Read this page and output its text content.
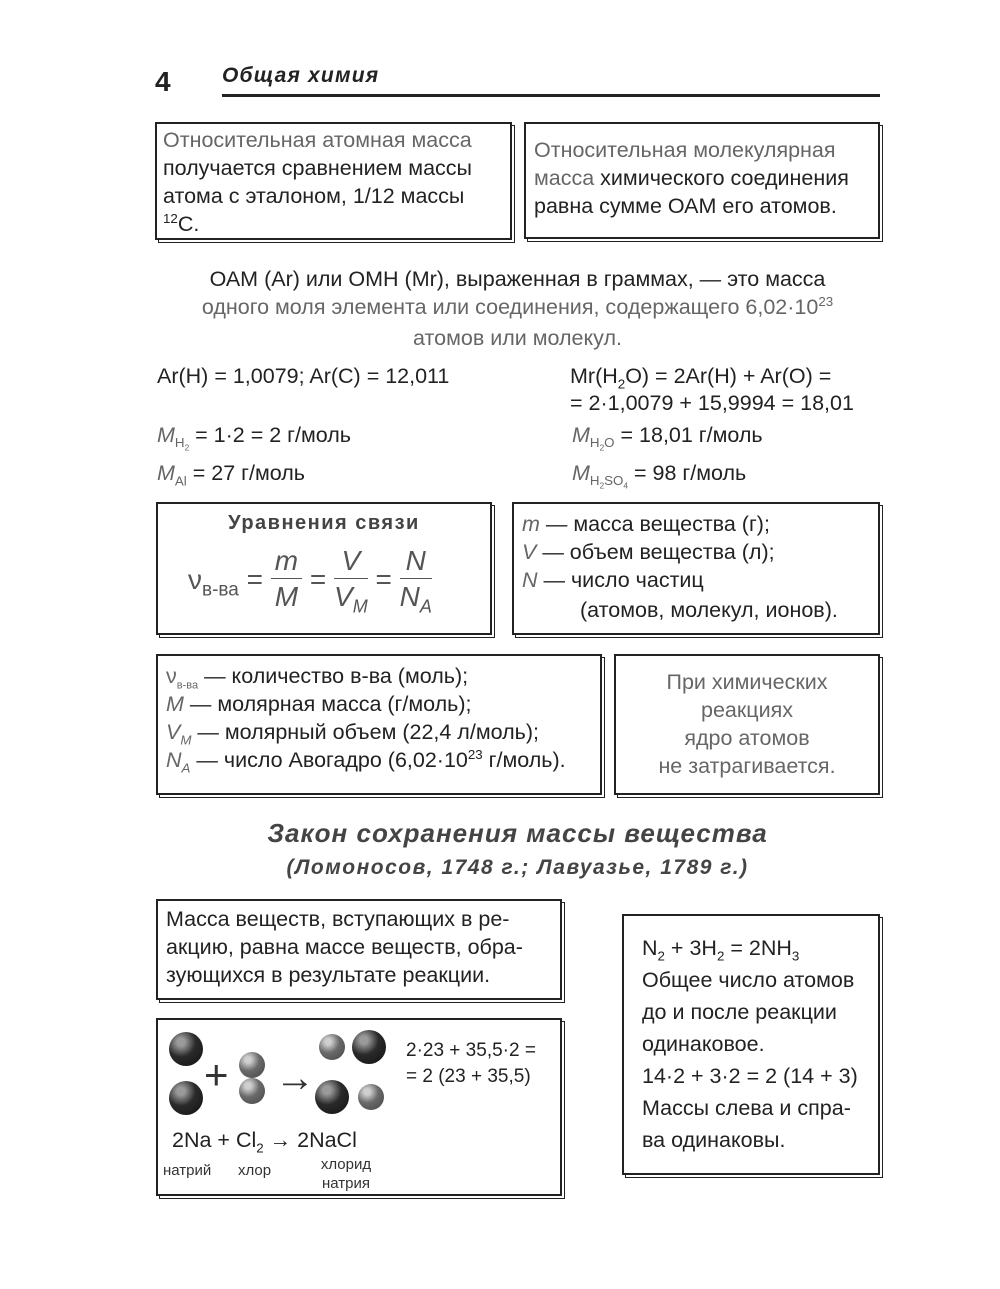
4 Общая химия
Относительная атомная масса
получается сравнением массы
атома с эталоном, 1/12 массы
$^{12}$C.
Относительная молекулярная
масса химического соединения
равна сумме ОАМ его атомов.
ОАМ (Ar) или ОМН (Mr), выраженная в граммах, — это масса
одного моля элемента или соединения, содержащего $6,02\cdot 10^{23}$
атомов или молекул.
Ar(H) = 1,0079; Ar(C) = 12,011
$M_{H_2} = 1\cdot 2 = 2$ г/моль
$M_{Al} = 27$ г/моль
$Mr(H_2O) = 2Ar(H) + Ar(O)$ =
= 2·1,0079 + 15,9994 = 18,01
$M_{H_2O} = 18,01$ г/моль
$M_{H_2SO_4} = 98$ г/моль
Уравнения связи
$\nu_{в-ва} = \frac{m}{M} = \frac{V}{V_M} = \frac{N}{N_A}$
m — масса вещества (г);
V — объем вещества (л);
N — число частиц
(атомов, молекул, ионов).
$\nu_{в-ва}$ — количество в-ва (моль);
M — молярная масса (г/моль);
$V_M$ — молярный объем (22,4 л/моль);
$N_A$ — число Авогадро ($6,02\cdot 10^{23}$ г/моль).
При химических
реакциях
ядро атомов
не затрагивается.
Закон сохранения массы вещества
(Ломоносов, 1748 г.; Лавуазье, 1789 г.)
Масса веществ, вступающих в ре-
акцию, равна массе веществ, обра-
зующихся в результате реакции.
+ →
2·23 + 35,5·2 =
= 2 (23 + 35,5)
$2Na + Cl_2$ → 2NaCl
натрий хлор	хлорид
натрия
$N_2 + 3H_2 = 2NH_3$
Общее число атомов
до и после реакции
одинаковое.
14·2 + 3·2 = 2 (14 + 3)
Массы слева и спра-
ва одинаковы.
